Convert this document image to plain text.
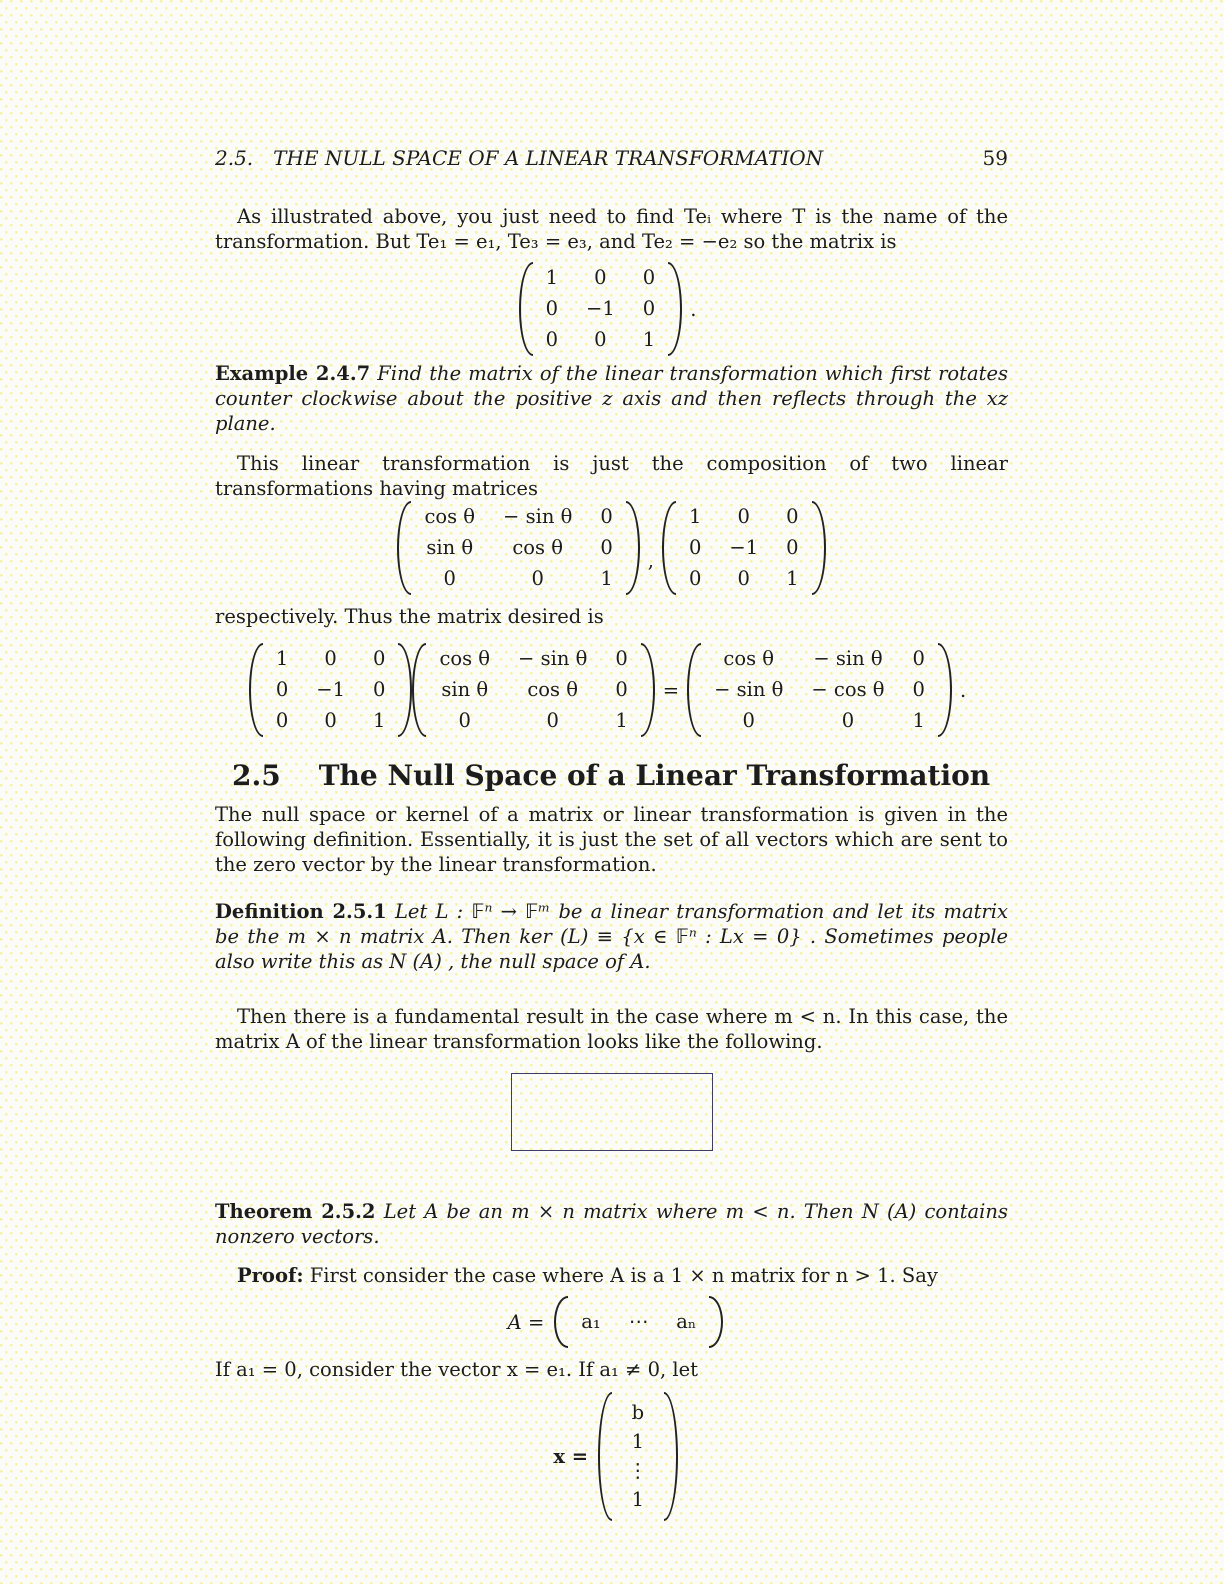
2.5. THE NULL SPACE OF A LINEAR TRANSFORMATION	59

As illustrated above, you just need to find Teᵢ where T is the name of the transformation. But Te₁ = e₁, Te₃ = e₃, and Te₂ = −e₂ so the matrix is

1 0 0
0 −1 0
0 0 1
.

Example 2.4.7 Find the matrix of the linear transformation which first rotates counter clockwise about the positive z axis and then reflects through the xz plane.

This linear transformation is just the composition of two linear transformations having matrices

cos θ − sin θ 0
sin θ cos θ 0
0	0	1
,
1 0 0
0 −1 0
0 0 1

respectively. Thus the matrix desired is

1 0 0
0 −1 0
0 0 1
cos θ − sin θ 0
sin θ cos θ 0
0	0	1
=
cos θ − sin θ 0
− sin θ − cos θ 0
0	0	1
.
2.5 The Null Space of a Linear Transformation

The null space or kernel of a matrix or linear transformation is given in the following definition. Essentially, it is just the set of all vectors which are sent to the zero vector by the linear transformation.

Definition 2.5.1 Let L : 𝔽ⁿ → 𝔽ᵐ be a linear transformation and let its matrix be the m × n matrix A. Then ker (L) ≡ {x ∈ 𝔽ⁿ : Lx = 0} . Sometimes people also write this as N (A) , the null space of A.

Then there is a fundamental result in the case where m < n. In this case, the matrix A of the linear transformation looks like the following.

Theorem 2.5.2 Let A be an m × n matrix where m < n. Then N (A) contains nonzero vectors.

Proof: First consider the case where A is a 1 × n matrix for n > 1. Say

A = a₁ ⋯ aₙ

If a₁ = 0, consider the vector x = e₁. If a₁ ≠ 0, let

x =
b
1
⋮
1
